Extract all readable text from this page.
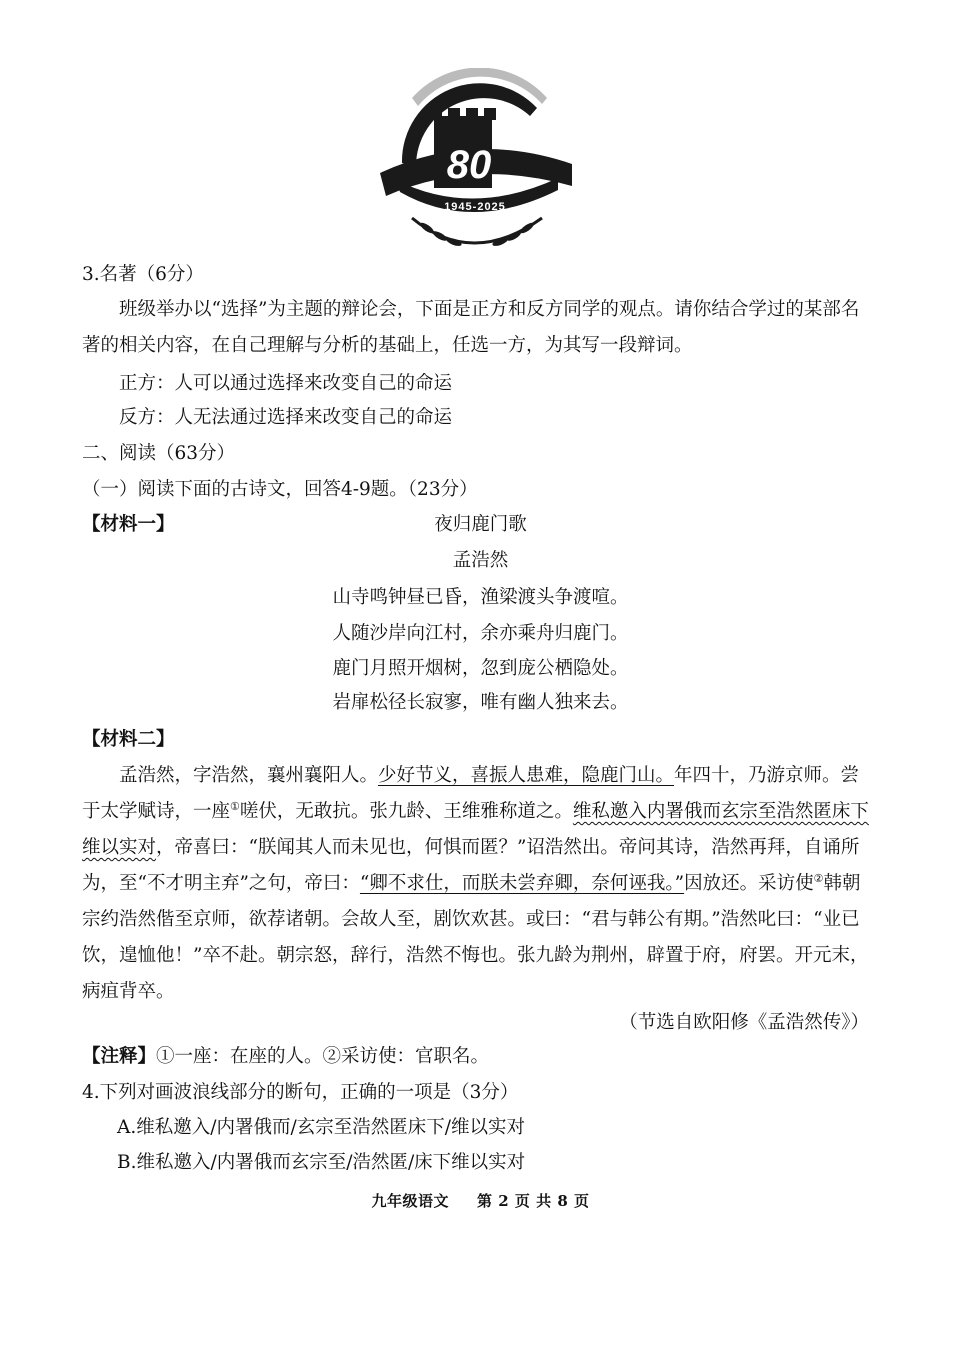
80
1945-2025
3.名著（6分）
班级举办以“选择”为主题的辩论会，下面是正方和反方同学的观点。请你结合学过的某部名著的相关内容，在自己理解与分析的基础上，任选一方，为其写一段辩词。
正方：人可以通过选择来改变自己的命运
反方：人无法通过选择来改变自己的命运
二、阅读（63分）
（一）阅读下面的古诗文，回答4-9题。（23分）
【材料一】	夜归鹿门歌
孟浩然
山寺鸣钟昼已昏，渔梁渡头争渡喧。
人随沙岸向江村，余亦乘舟归鹿门。
鹿门月照开烟树，忽到庞公栖隐处。
岩扉松径长寂寥，唯有幽人独来去。
【材料二】
孟浩然，字浩然，襄州襄阳人。少好节义，喜振人患难，隐鹿门山。年四十，乃游京师。尝于太学赋诗，一座①嗟伏，无敢抗。张九龄、王维雅称道之。维私邀入内署俄而玄宗至浩然匿床下维以实对，帝喜曰：“朕闻其人而未见也，何惧而匿？”诏浩然出。帝问其诗，浩然再拜，自诵所为，至“不才明主弃”之句，帝曰：“卿不求仕，而朕未尝弃卿，奈何诬我。”因放还。采访使②韩朝宗约浩然偕至京师，欲荐诸朝。会故人至，剧饮欢甚。或曰：“君与韩公有期。”浩然叱曰：“业已饮，遑恤他！”卒不赴。朝宗怒，辞行，浩然不悔也。张九龄为荆州，辟置于府，府罢。开元末，病疽背卒。
（节选自欧阳修《孟浩然传》）
【注释】①一座：在座的人。②采访使：官职名。
4.下列对画波浪线部分的断句，正确的一项是（3分）
A.维私邀入/内署俄而/玄宗至浩然匿床下/维以实对
B.维私邀入/内署俄而玄宗至/浩然匿/床下维以实对
九年级语文 第 2 页 共 8 页
